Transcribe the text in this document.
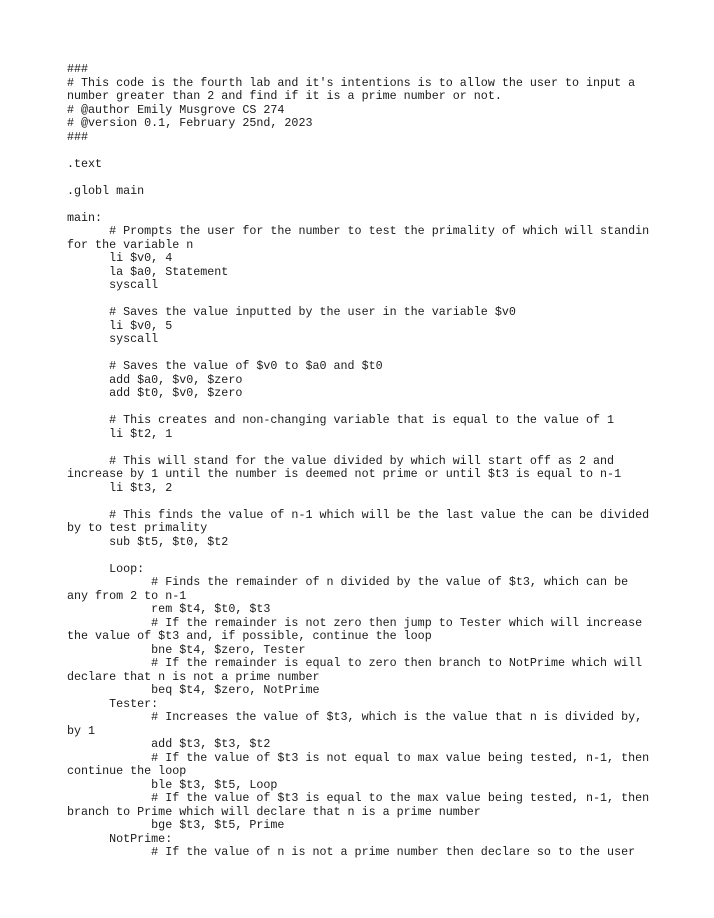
###
# This code is the fourth lab and it's intentions is to allow the user to input a
number greater than 2 and find if it is a prime number or not.
# @author Emily Musgrove CS 274
# @version 0.1, February 25nd, 2023
###
.text
.globl main
main:
# Prompts the user for the number to test the primality of which will standin
for the variable n
li $v0, 4
la $a0, Statement
syscall
# Saves the value inputted by the user in the variable $v0
li $v0, 5
syscall
# Saves the value of $v0 to $a0 and $t0
add $a0, $v0, $zero
add $t0, $v0, $zero
# This creates and non-changing variable that is equal to the value of 1
li $t2, 1
# This will stand for the value divided by which will start off as 2 and
increase by 1 until the number is deemed not prime or until $t3 is equal to n-1
li $t3, 2
# This finds the value of n-1 which will be the last value the can be divided
by to test primality
sub $t5, $t0, $t2
Loop:
# Finds the remainder of n divided by the value of $t3, which can be
any from 2 to n-1
rem $t4, $t0, $t3
# If the remainder is not zero then jump to Tester which will increase
the value of $t3 and, if possible, continue the loop
bne $t4, $zero, Tester
# If the remainder is equal to zero then branch to NotPrime which will
declare that n is not a prime number
beq $t4, $zero, NotPrime
Tester:
# Increases the value of $t3, which is the value that n is divided by,
by 1
add $t3, $t3, $t2
# If the value of $t3 is not equal to max value being tested, n-1, then
continue the loop
ble $t3, $t5, Loop
# If the value of $t3 is equal to the max value being tested, n-1, then
branch to Prime which will declare that n is a prime number
bge $t3, $t5, Prime
NotPrime:
# If the value of n is not a prime number then declare so to the user
